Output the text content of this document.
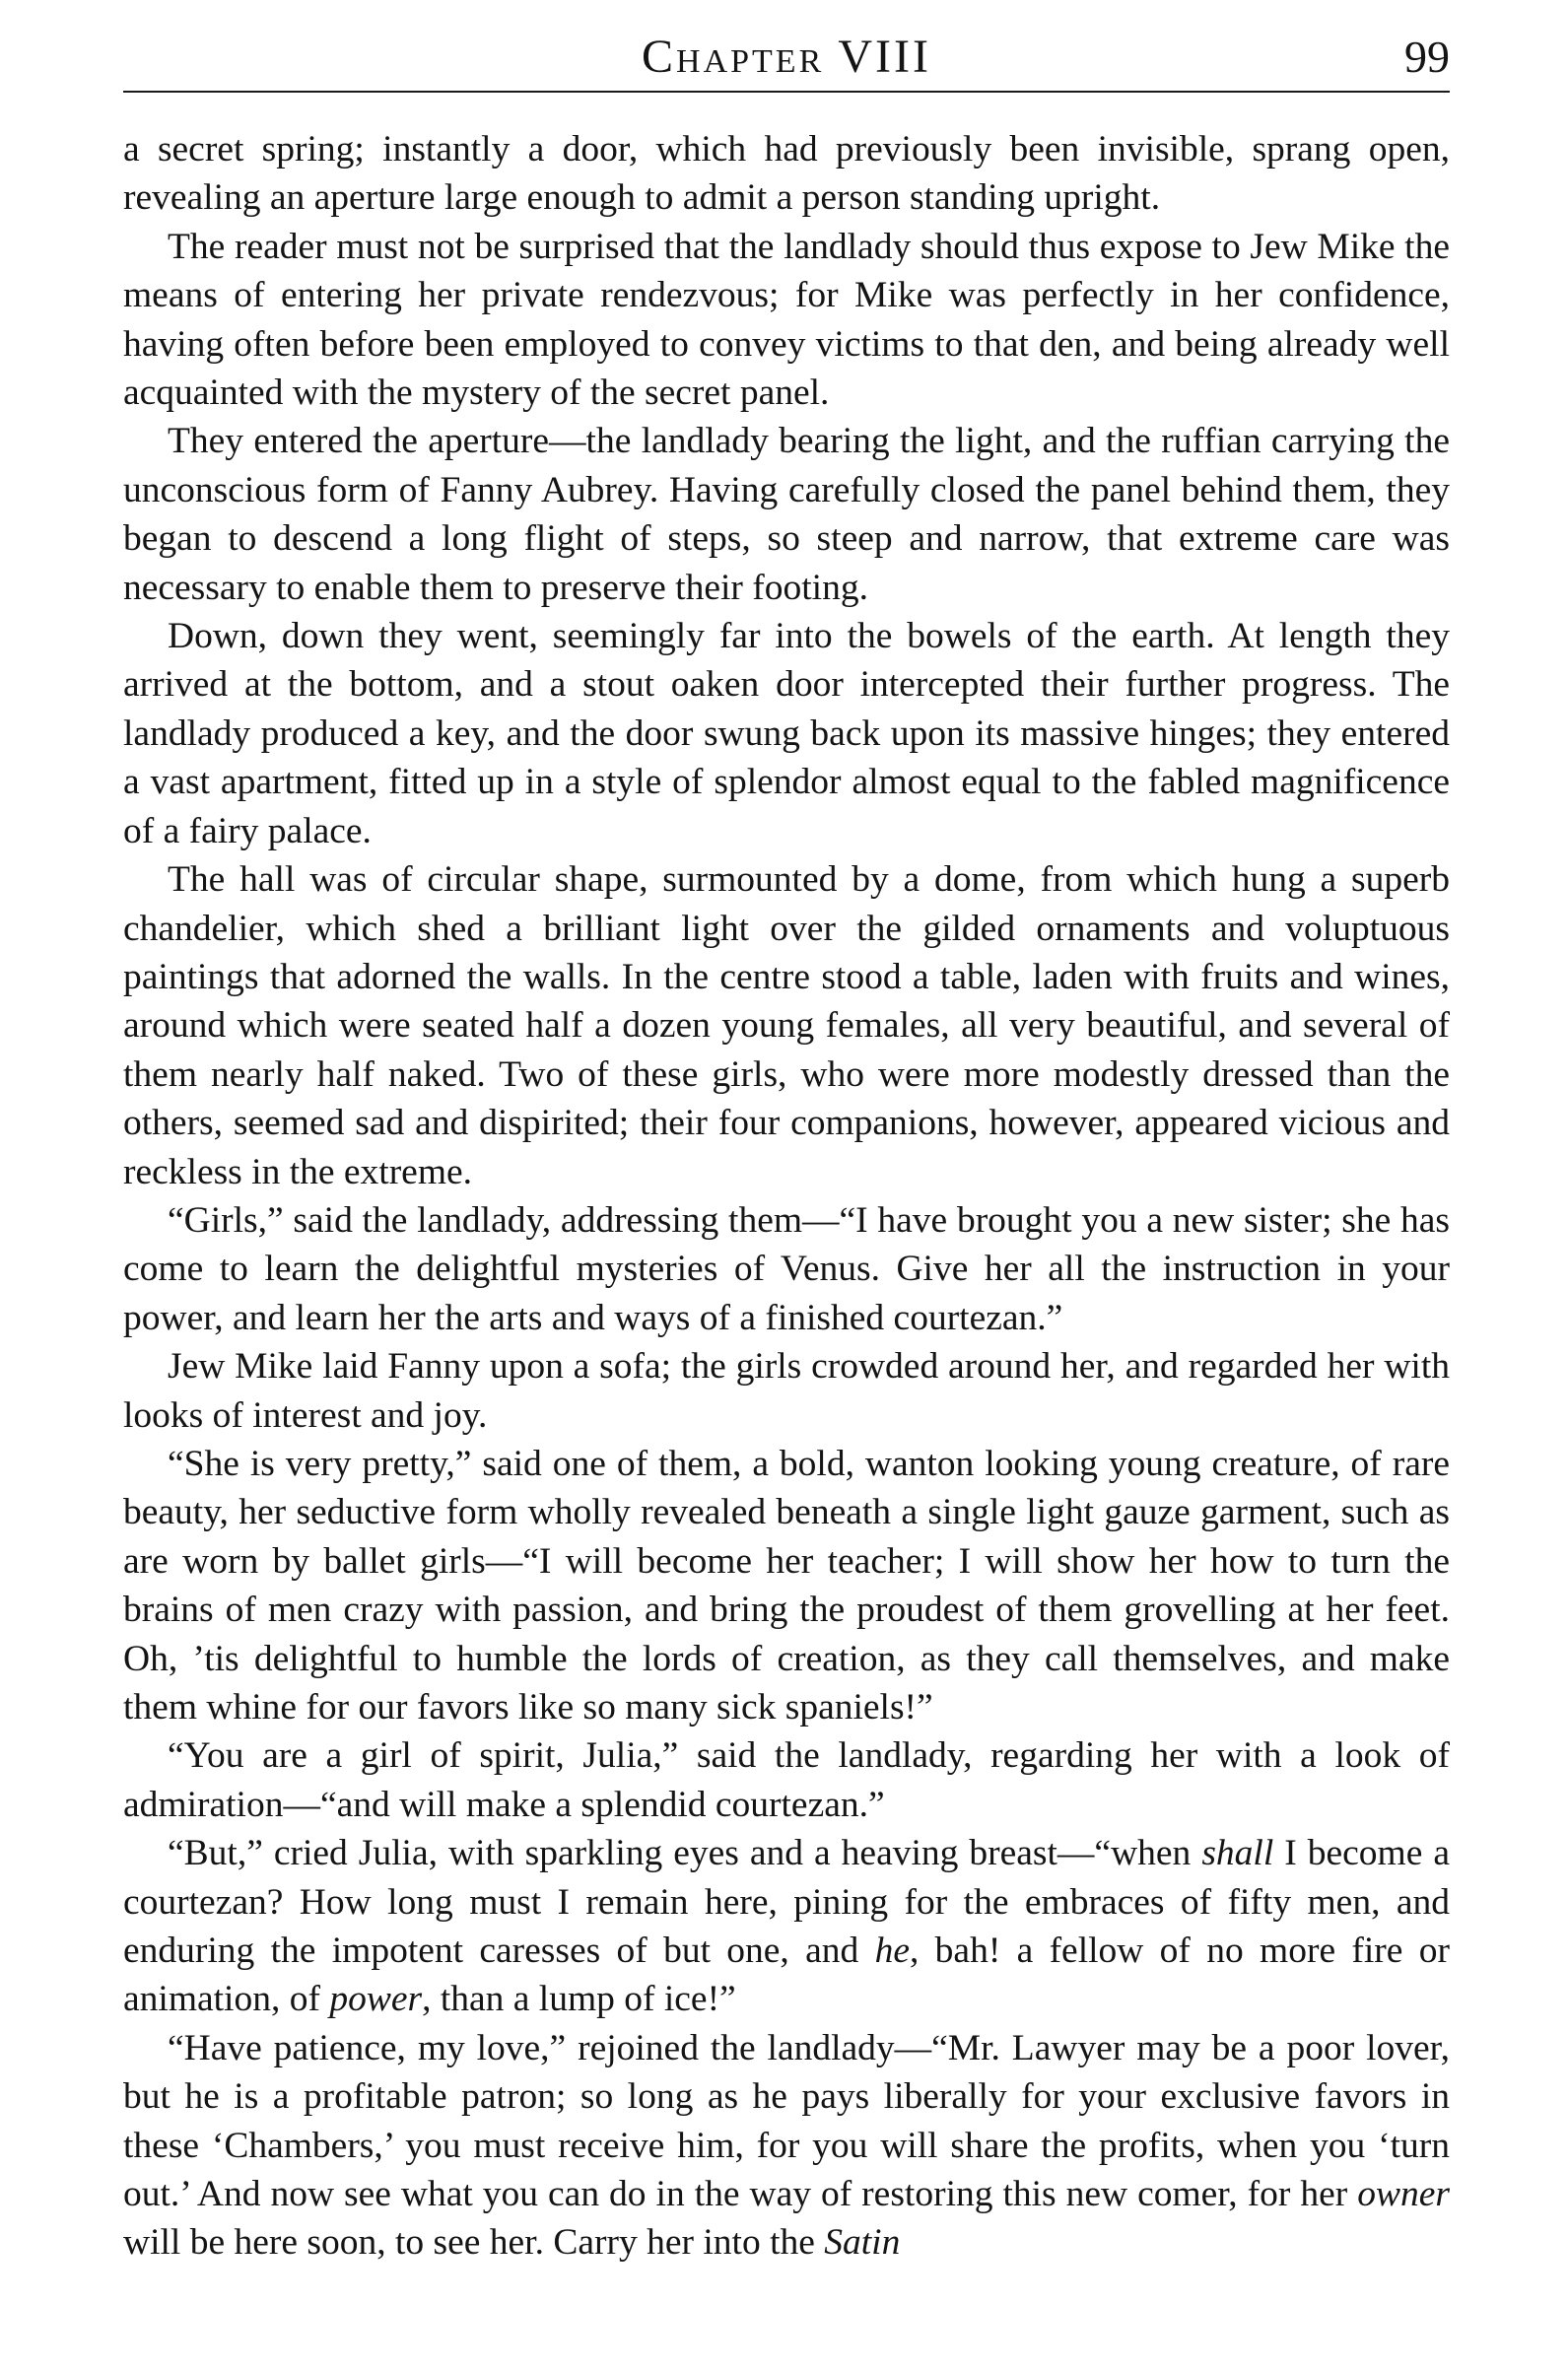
Chapter VIII	99

a secret spring; instantly a door, which had previously been invisible, sprang open, revealing an aperture large enough to admit a person standing upright.

The reader must not be surprised that the landlady should thus expose to Jew Mike the means of entering her private rendezvous; for Mike was perfectly in her confidence, having often before been employed to convey victims to that den, and being already well acquainted with the mystery of the secret panel.

They entered the aperture—the landlady bearing the light, and the ruffian carrying the unconscious form of Fanny Aubrey. Having carefully closed the panel behind them, they began to descend a long flight of steps, so steep and narrow, that extreme care was necessary to enable them to preserve their footing.

Down, down they went, seemingly far into the bowels of the earth. At length they arrived at the bottom, and a stout oaken door intercepted their further progress. The landlady produced a key, and the door swung back upon its massive hinges; they entered a vast apartment, fitted up in a style of splendor almost equal to the fabled magnificence of a fairy palace.

The hall was of circular shape, surmounted by a dome, from which hung a superb chandelier, which shed a brilliant light over the gilded ornaments and voluptuous paintings that adorned the walls. In the centre stood a table, laden with fruits and wines, around which were seated half a dozen young females, all very beautiful, and several of them nearly half naked. Two of these girls, who were more modestly dressed than the others, seemed sad and dispirited; their four companions, however, appeared vicious and reckless in the extreme.

“Girls,” said the landlady, addressing them—“I have brought you a new sister; she has come to learn the delightful mysteries of Venus. Give her all the instruction in your power, and learn her the arts and ways of a finished courtezan.”

Jew Mike laid Fanny upon a sofa; the girls crowded around her, and regarded her with looks of interest and joy.

“She is very pretty,” said one of them, a bold, wanton looking young creature, of rare beauty, her seductive form wholly revealed beneath a single light gauze garment, such as are worn by ballet girls—“I will become her teacher; I will show her how to turn the brains of men crazy with passion, and bring the proudest of them grovelling at her feet. Oh, ’tis delightful to humble the lords of creation, as they call themselves, and make them whine for our favors like so many sick spaniels!”

“You are a girl of spirit, Julia,” said the landlady, regarding her with a look of admiration—“and will make a splendid courtezan.”

“But,” cried Julia, with sparkling eyes and a heaving breast—“when shall I become a courtezan? How long must I remain here, pining for the embraces of fifty men, and enduring the impotent caresses of but one, and he, bah! a fellow of no more fire or animation, of power, than a lump of ice!”

“Have patience, my love,” rejoined the landlady—“Mr. Lawyer may be a poor lover, but he is a profitable patron; so long as he pays liberally for your exclusive favors in these ‘Chambers,’ you must receive him, for you will share the profits, when you ‘turn out.’ And now see what you can do in the way of restoring this new comer, for her owner will be here soon, to see her. Carry her into the Satin
